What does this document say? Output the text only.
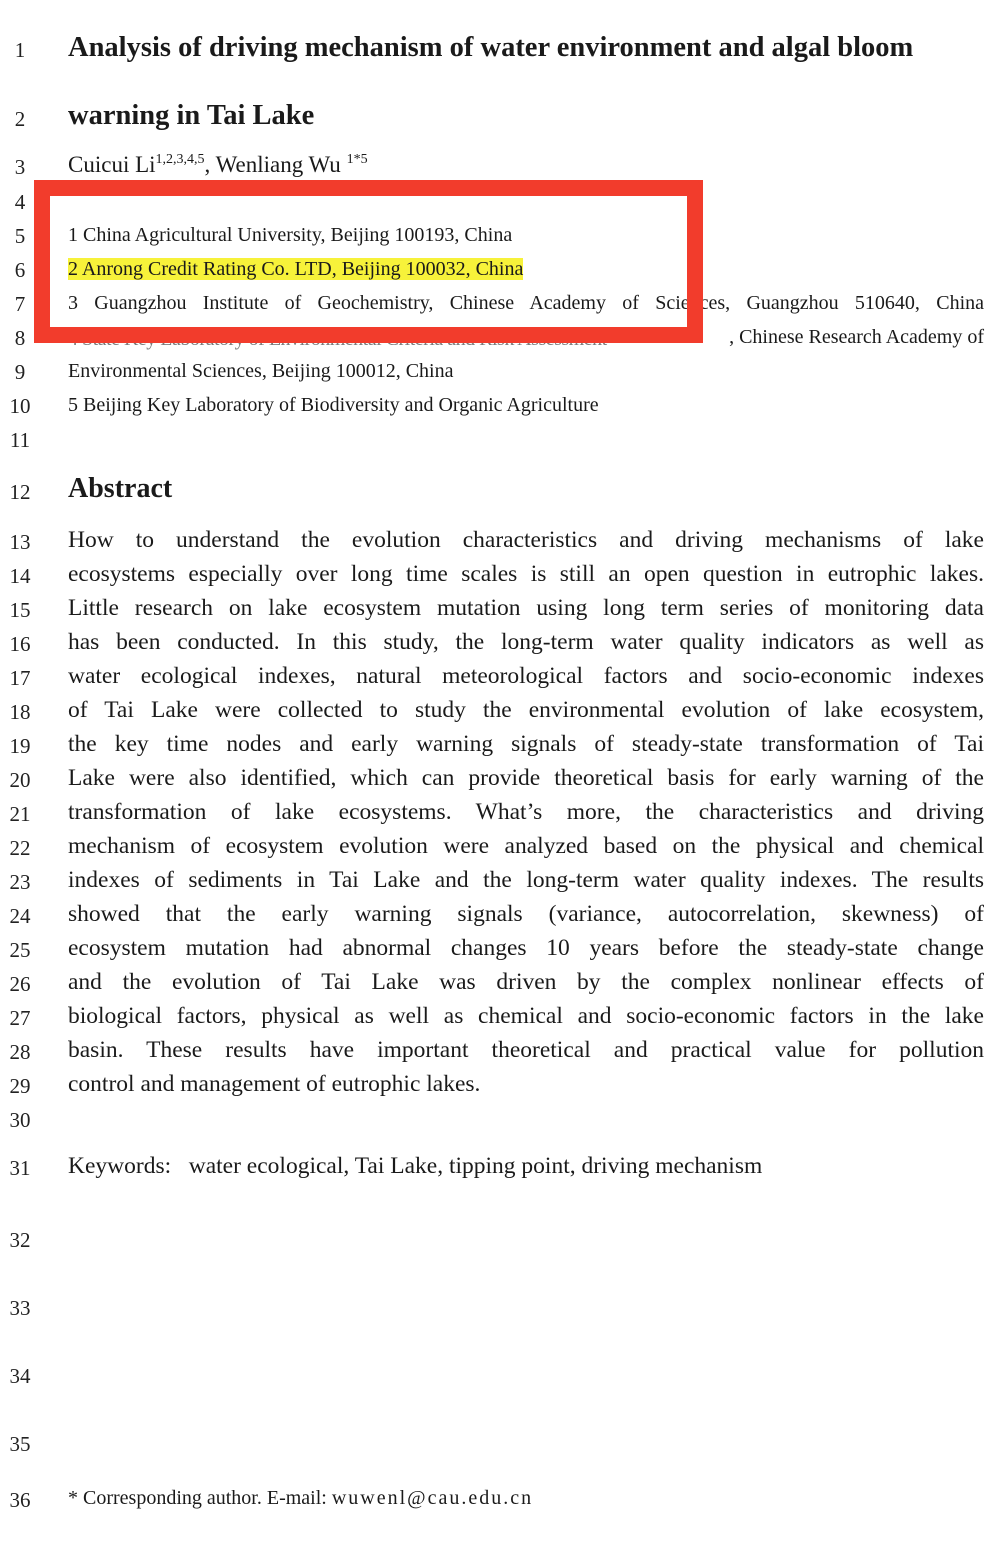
1
2
3
4
5
6
7
8
9
10
11
12
13
14
15
16
17
18
19
20
21
22
23
24
25
26
27
28
29
30
31
32
33
34
35
36
Analysis of driving mechanism of water environment and algal bloom
warning in Tai Lake
Cuicui Li$^{1,2,3,4,5}$, Wenliang Wu $^{1*5}$
1 China Agricultural University, Beijing 100193, China
2 Anrong Credit Rating Co. LTD, Beijing 100032, China
3 Guangzhou Institute of Geochemistry, Chinese Academy of Sciences, Guangzhou 510640, China
, Chinese Research Academy of
4 State Key Laboratory of Environmental Criteria and Risk Assessment
Environmental Sciences, Beijing 100012, China
5 Beijing Key Laboratory of Biodiversity and Organic Agriculture
Abstract
How to understand the evolution characteristics and driving mechanisms of lake
ecosystems especially over long time scales is still an open question in eutrophic lakes.
Little research on lake ecosystem mutation using long term series of monitoring data
has been conducted. In this study, the long-term water quality indicators as well as
water ecological indexes, natural meteorological factors and socio-economic indexes
of Tai Lake were collected to study the environmental evolution of lake ecosystem,
the key time nodes and early warning signals of steady-state transformation of Tai
Lake were also identified, which can provide theoretical basis for early warning of the
transformation of lake ecosystems. What’s more, the characteristics and driving
mechanism of ecosystem evolution were analyzed based on the physical and chemical
indexes of sediments in Tai Lake and the long-term water quality indexes. The results
showed that the early warning signals (variance, autocorrelation, skewness) of
ecosystem mutation had abnormal changes 10 years before the steady-state change
and the evolution of Tai Lake was driven by the complex nonlinear effects of
biological factors, physical as well as chemical and socio-economic factors in the lake
basin. These results have important theoretical and practical value for pollution
control and management of eutrophic lakes.
Keywords:   water ecological, Tai Lake, tipping point, driving mechanism
* Corresponding author. E-mail: wuwenl@cau.edu.cn
